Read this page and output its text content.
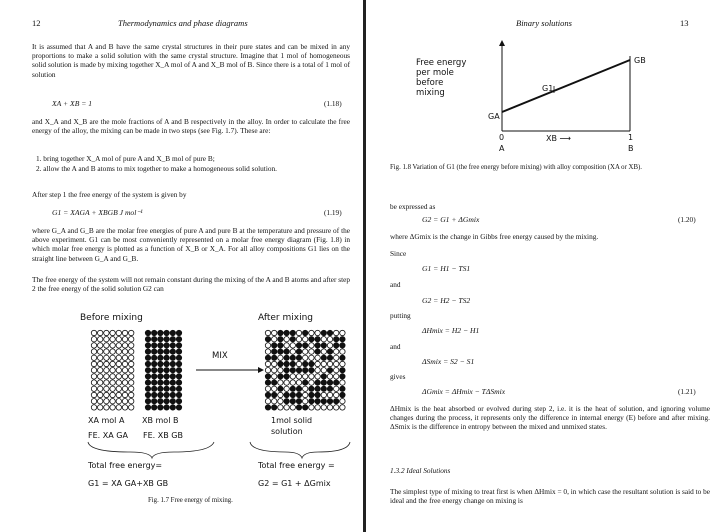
12	Thermodynamics and phase diagrams
It is assumed that A and B have the same crystal structures in their pure states and can be mixed in any proportions to make a solid solution with the same crystal structure. Imagine that 1 mol of homogeneous solid solution is made by mixing together X_A mol of A and X_B mol of B. Since there is a total of 1 mol of solution
XA + XB = 1	(1.18)
and X_A and X_B are the mole fractions of A and B respectively in the alloy. In order to calculate the free energy of the alloy, the mixing can be made in two steps (see Fig. 1.7). These are:
1. bring together X_A mol of pure A and X_B mol of pure B;
2. allow the A and B atoms to mix together to make a homogeneous solid solution.
After step 1 the free energy of the system is given by
G1 = XAGA + XBGB J mol⁻¹	(1.19)
where G_A and G_B are the molar free energies of pure A and pure B at the temperature and pressure of the above experiment. G1 can be most conveniently represented on a molar free energy diagram (Fig. 1.8) in which molar free energy is plotted as a function of X_B or X_A. For all alloy compositions G1 lies on the straight line between G_A and G_B.
The free energy of the system will not remain constant during the mixing of the A and B atoms and after step 2 the free energy of the solid solution G2 can
Before mixing	After mixing
MIX
XA mol A XB mol B
FE. XA GA FE. XB GB
1mol solid
solution
Total free energy=	Total free energy =
G1 = XA GA+XB GB	G2 = G1 + ΔGmix
Fig. 1.7 Free energy of mixing.
Binary solutions	13
Free energy
per mole
before
mixing
GA
GB
G1
0	1
XB ⟶
A	B
Fig. 1.8 Variation of G1 (the free energy before mixing) with alloy composition (XA or XB).
be expressed as
G2 = G1 + ΔGmix	(1.20)
where ΔGmix is the change in Gibbs free energy caused by the mixing.
Since
G1 = H1 − TS1
and
G2 = H2 − TS2
putting
ΔHmix = H2 − H1
and
ΔSmix = S2 − S1
gives
ΔGmix = ΔHmix − TΔSmix	(1.21)
ΔHmix is the heat absorbed or evolved during step 2, i.e. it is the heat of solution, and ignoring volume changes during the process, it represents only the difference in internal energy (E) before and after mixing. ΔSmix is the difference in entropy between the mixed and unmixed states.
1.3.2 Ideal Solutions
The simplest type of mixing to treat first is when ΔHmix = 0, in which case the resultant solution is said to be ideal and the free energy change on mixing is
